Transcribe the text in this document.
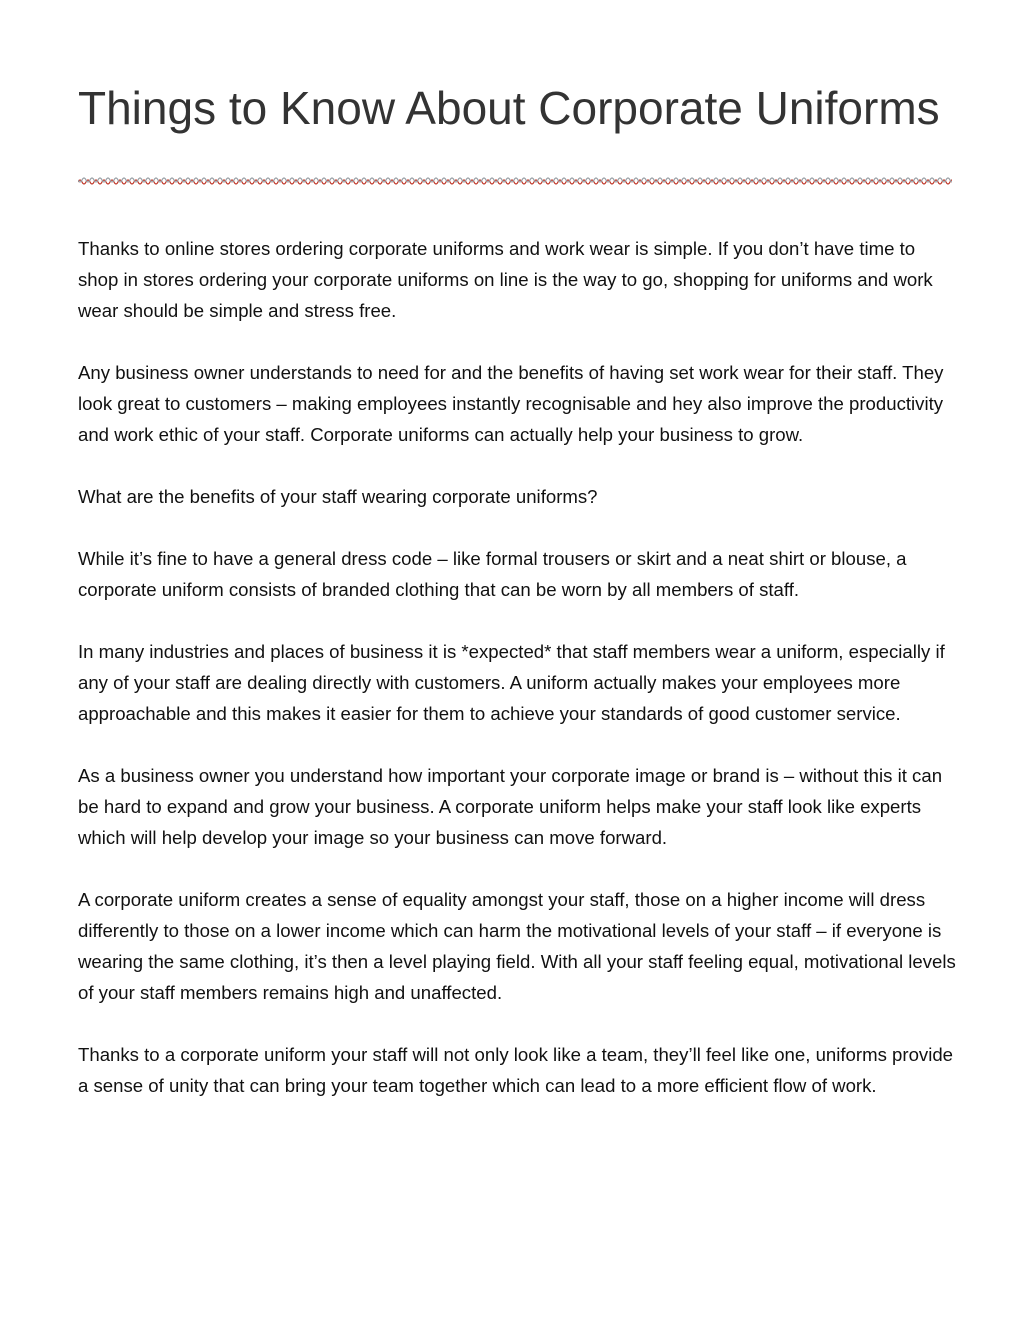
Things to Know About Corporate Uniforms

Thanks to online stores ordering corporate uniforms and work wear is simple. If you don’t have time to shop in stores ordering your corporate uniforms on line is the way to go, shopping for uniforms and work wear should be simple and stress free.

Any business owner understands to need for and the benefits of having set work wear for their staff. They look great to customers – making employees instantly recognisable and hey also improve the productivity and work ethic of your staff. Corporate uniforms can actually help your business to grow.

What are the benefits of your staff wearing corporate uniforms?

While it’s fine to have a general dress code – like formal trousers or skirt and a neat shirt or blouse, a corporate uniform consists of branded clothing that can be worn by all members of staff.

In many industries and places of business it is *expected* that staff members wear a uniform, especially if any of your staff are dealing directly with customers. A uniform actually makes your employees more approachable and this makes it easier for them to achieve your standards of good customer service.

As a business owner you understand how important your corporate image or brand is – without this it can be hard to expand and grow your business. A corporate uniform helps make your staff look like experts which will help develop your image so your business can move forward.

A corporate uniform creates a sense of equality amongst your staff, those on a higher income will dress differently to those on a lower income which can harm the motivational levels of your staff – if everyone is wearing the same clothing, it’s then a level playing field. With all your staff feeling equal, motivational levels of your staff members remains high and unaffected.

Thanks to a corporate uniform your staff will not only look like a team, they’ll feel like one, uniforms provide a sense of unity that can bring your team together which can lead to a more efficient flow of work.
